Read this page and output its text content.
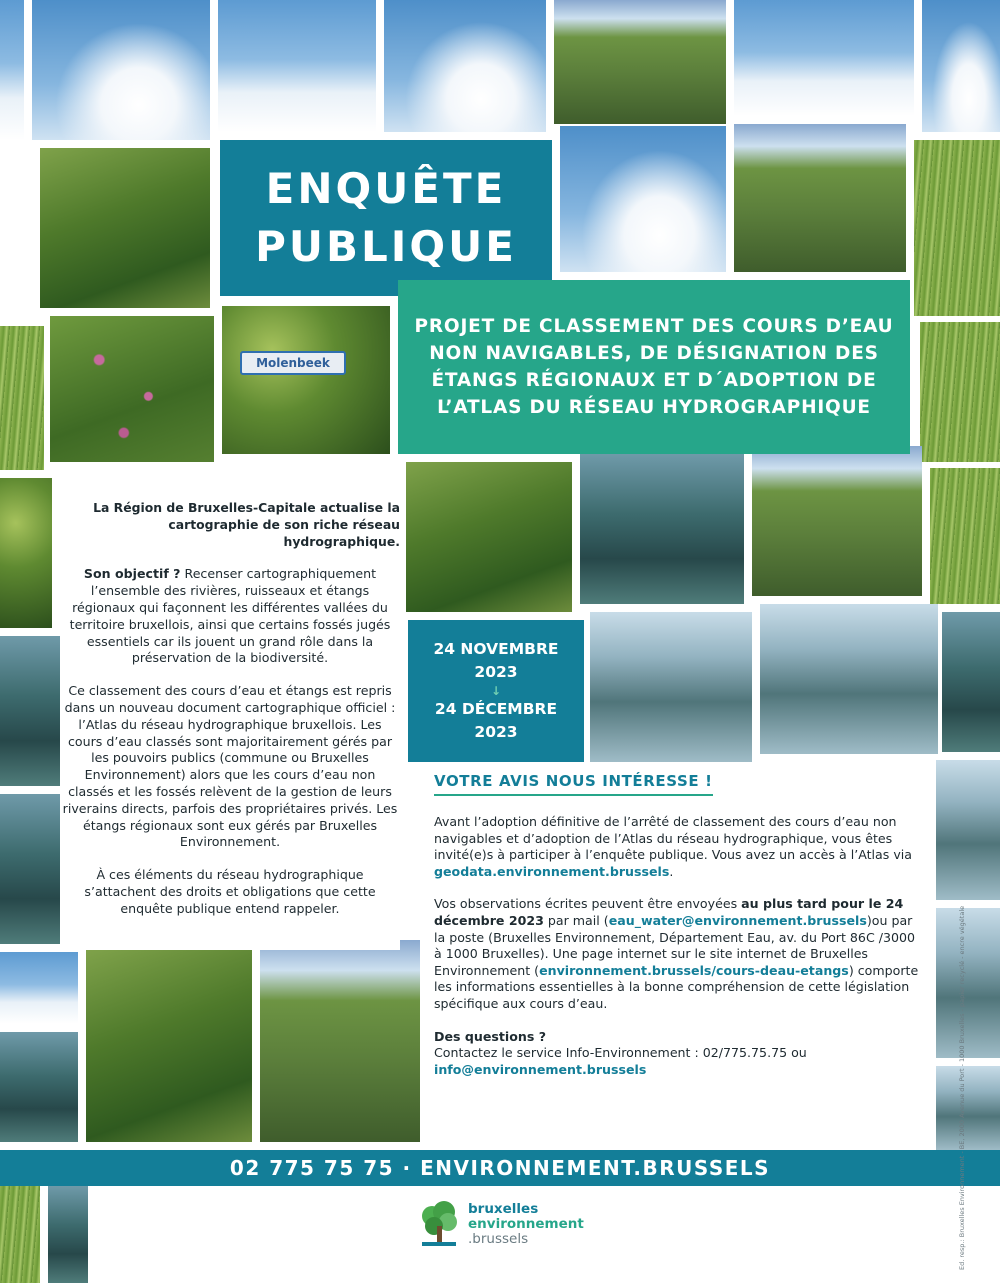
Molenbeek
ENQUÊTE
PUBLIQUE
PROJET DE CLASSEMENT DES COURS D’EAU
NON NAVIGABLES, DE DÉSIGNATION DES
ÉTANGS RÉGIONAUX ET D´ADOPTION DE
L’ATLAS DU RÉSEAU HYDROGRAPHIQUE
24 NOVEMBRE
2023
↓
24 DÉCEMBRE
2023

La Région de Bruxelles-Capitale actualise la cartographie de son riche réseau hydrographique.

Son objectif ? Recenser cartographiquement l’ensemble des rivières, ruisseaux et étangs régionaux qui façonnent les différentes vallées du territoire bruxellois, ainsi que certains fossés jugés essentiels car ils jouent un grand rôle dans la préservation de la biodiversité.

Ce classement des cours d’eau et étangs est repris dans un nouveau document cartographique officiel : l’Atlas du réseau hydrographique bruxellois. Les cours d’eau classés sont majoritairement gérés par les pouvoirs publics (commune ou Bruxelles Environnement) alors que les cours d’eau non classés et les fossés relèvent de la gestion de leurs riverains directs, parfois des propriétaires privés. Les étangs régionaux sont eux gérés par Bruxelles Environnement.

À ces éléments du réseau hydrographique s’attachent des droits et obligations que cette enquête publique entend rappeler.

VOTRE AVIS NOUS INTÉRESSE !

Avant l’adoption définitive de l’arrêté de classement des cours d’eau non navigables et d’adoption de l’Atlas du réseau hydrographique, vous êtes invité(e)s à participer à l’enquête publique. Vous avez un accès à l’Atlas via geodata.environnement.brussels.

Vos observations écrites peuvent être envoyées au plus tard pour le 24 décembre 2023 par mail (eau_water@environnement.brussels)ou par la poste (Bruxelles Environnement, Département Eau, av. du Port 86C /3000 à 1000 Bruxelles). Une page internet sur le site internet de Bruxelles Environnement (environnement.brussels/cours-deau-etangs) comporte les informations essentielles à la bonne compréhension de cette législation spécifique aux cours d’eau.

Des questions ?
Contactez le service Info-Environnement : 02/775.75.75 ou info@environnement.brussels

02 775 75 75 · ENVIRONNEMENT.BRUSSELS
bruxelles
environnement
.brussels	Ed. resp.: Bruxelles Environnement - BE, 2000 Avenue du Port - 1000 Bruxelles - papier recyclé - encre végétale
